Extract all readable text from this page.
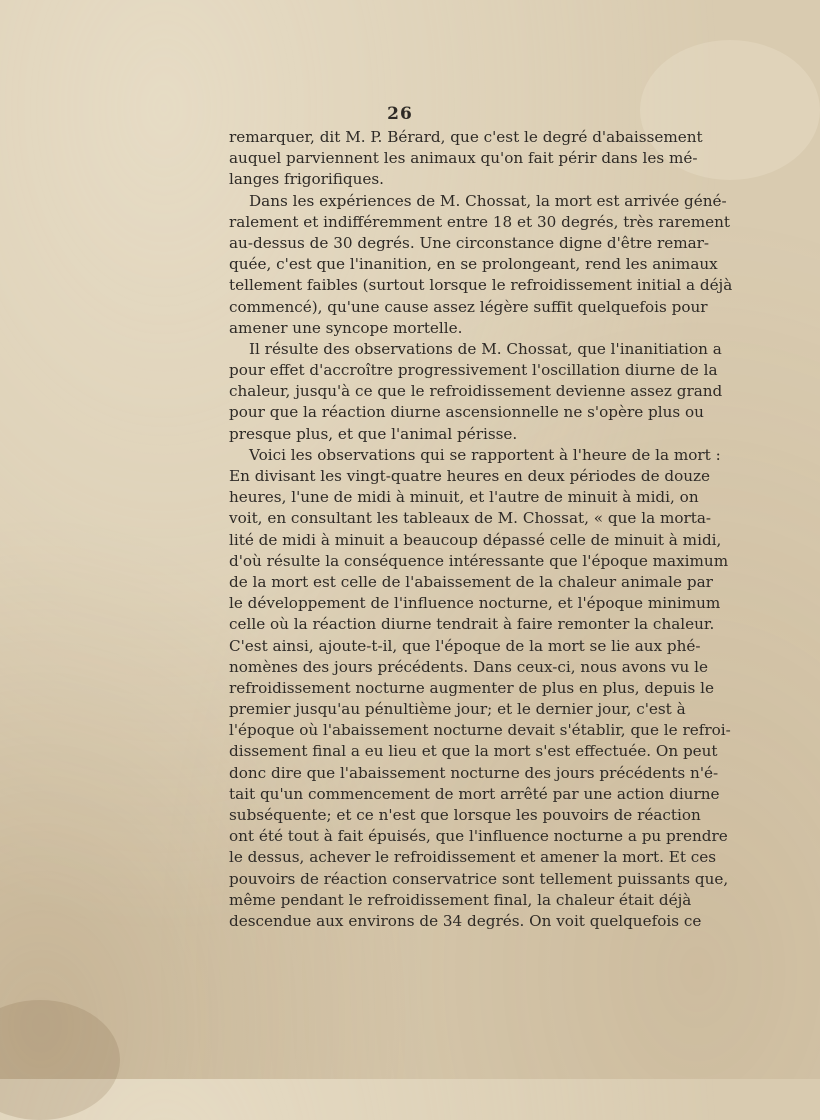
26
remarquer, dit M. P. Bérard, que c'est le degré d'abaissement
auquel parviennent les animaux qu'on fait périr dans les mé-
langes frigorifiques.
Dans les expériences de M. Chossat, la mort est arrivée géné-
ralement et indifféremment entre 18 et 30 degrés, très rarement
au-dessus de 30 degrés. Une circonstance digne d'être remar-
quée, c'est que l'inanition, en se prolongeant, rend les animaux
tellement faibles (surtout lorsque le refroidissement initial a déjà
commencé), qu'une cause assez légère suffit quelquefois pour
amener une syncope mortelle.
Il résulte des observations de M. Chossat, que l'inanitiation a
pour effet d'accroître progressivement l'oscillation diurne de la
chaleur, jusqu'à ce que le refroidissement devienne assez grand
pour que la réaction diurne ascensionnelle ne s'opère plus ou
presque plus, et que l'animal périsse.
Voici les observations qui se rapportent à l'heure de la mort :
En divisant les vingt-quatre heures en deux périodes de douze
heures, l'une de midi à minuit, et l'autre de minuit à midi, on
voit, en consultant les tableaux de M. Chossat, « que la morta-
lité de midi à minuit a beaucoup dépassé celle de minuit à midi,
d'où résulte la conséquence intéressante que l'époque maximum
de la mort est celle de l'abaissement de la chaleur animale par
le développement de l'influence nocturne, et l'époque minimum
celle où la réaction diurne tendrait à faire remonter la chaleur.
C'est ainsi, ajoute-t-il, que l'époque de la mort se lie aux phé-
nomènes des jours précédents. Dans ceux-ci, nous avons vu le
refroidissement nocturne augmenter de plus en plus, depuis le
premier jusqu'au pénultième jour; et le dernier jour, c'est à
l'époque où l'abaissement nocturne devait s'établir, que le refroi-
dissement final a eu lieu et que la mort s'est effectuée. On peut
donc dire que l'abaissement nocturne des jours précédents n'é-
tait qu'un commencement de mort arrêté par une action diurne
subséquente; et ce n'est que lorsque les pouvoirs de réaction
ont été tout à fait épuisés, que l'influence nocturne a pu prendre
le dessus, achever le refroidissement et amener la mort. Et ces
pouvoirs de réaction conservatrice sont tellement puissants que,
même pendant le refroidissement final, la chaleur était déjà
descendue aux environs de 34 degrés. On voit quelquefois ce
